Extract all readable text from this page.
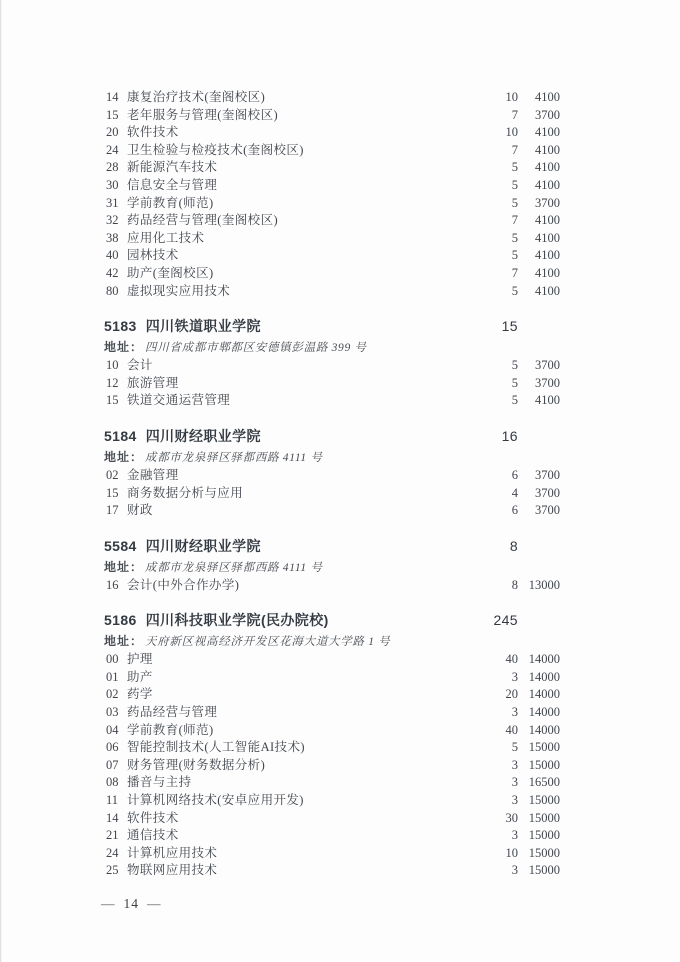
14 康复治疗技术(奎阁校区)	10	4100
15 老年服务与管理(奎阁校区)	7	3700
20 软件技术	10	4100
24 卫生检验与检疫技术(奎阁校区)	7	4100
28 新能源汽车技术	5	4100
30 信息安全与管理	5	4100
31 学前教育(师范)	5	3700
32 药品经营与管理(奎阁校区)	7	4100
38 应用化工技术	5	4100
40 园林技术	5	4100
42 助产(奎阁校区)	7	4100
80 虚拟现实应用技术	5	4100
5183 四川铁道职业学院	15
地址： 四川省成都市郫都区安德镇彭温路 399 号
10 会计	5	3700
12 旅游管理	5	3700
15 铁道交通运营管理	5	4100
5184 四川财经职业学院	16
地址： 成都市龙泉驿区驿都西路 4111 号
02 金融管理	6	3700
15 商务数据分析与应用	4	3700
17 财政	6	3700
5584 四川财经职业学院	8
地址： 成都市龙泉驿区驿都西路 4111 号
16 会计(中外合作办学)	8 13000
5186 四川科技职业学院(民办院校)	245
地址： 天府新区视高经济开发区花海大道大学路 1 号
00 护理	40 14000
01 助产	3 14000
02 药学	20 14000
03 药品经营与管理	3 14000
04 学前教育(师范)	40 14000
06 智能控制技术(人工智能AI技术)	5 15000
07 财务管理(财务数据分析)	3 15000
08 播音与主持	3 16500
11 计算机网络技术(安卓应用开发)	3 15000
14 软件技术	30 15000
21 通信技术	3 15000
24 计算机应用技术	10 15000
25 物联网应用技术	3 15000
— 14 —
